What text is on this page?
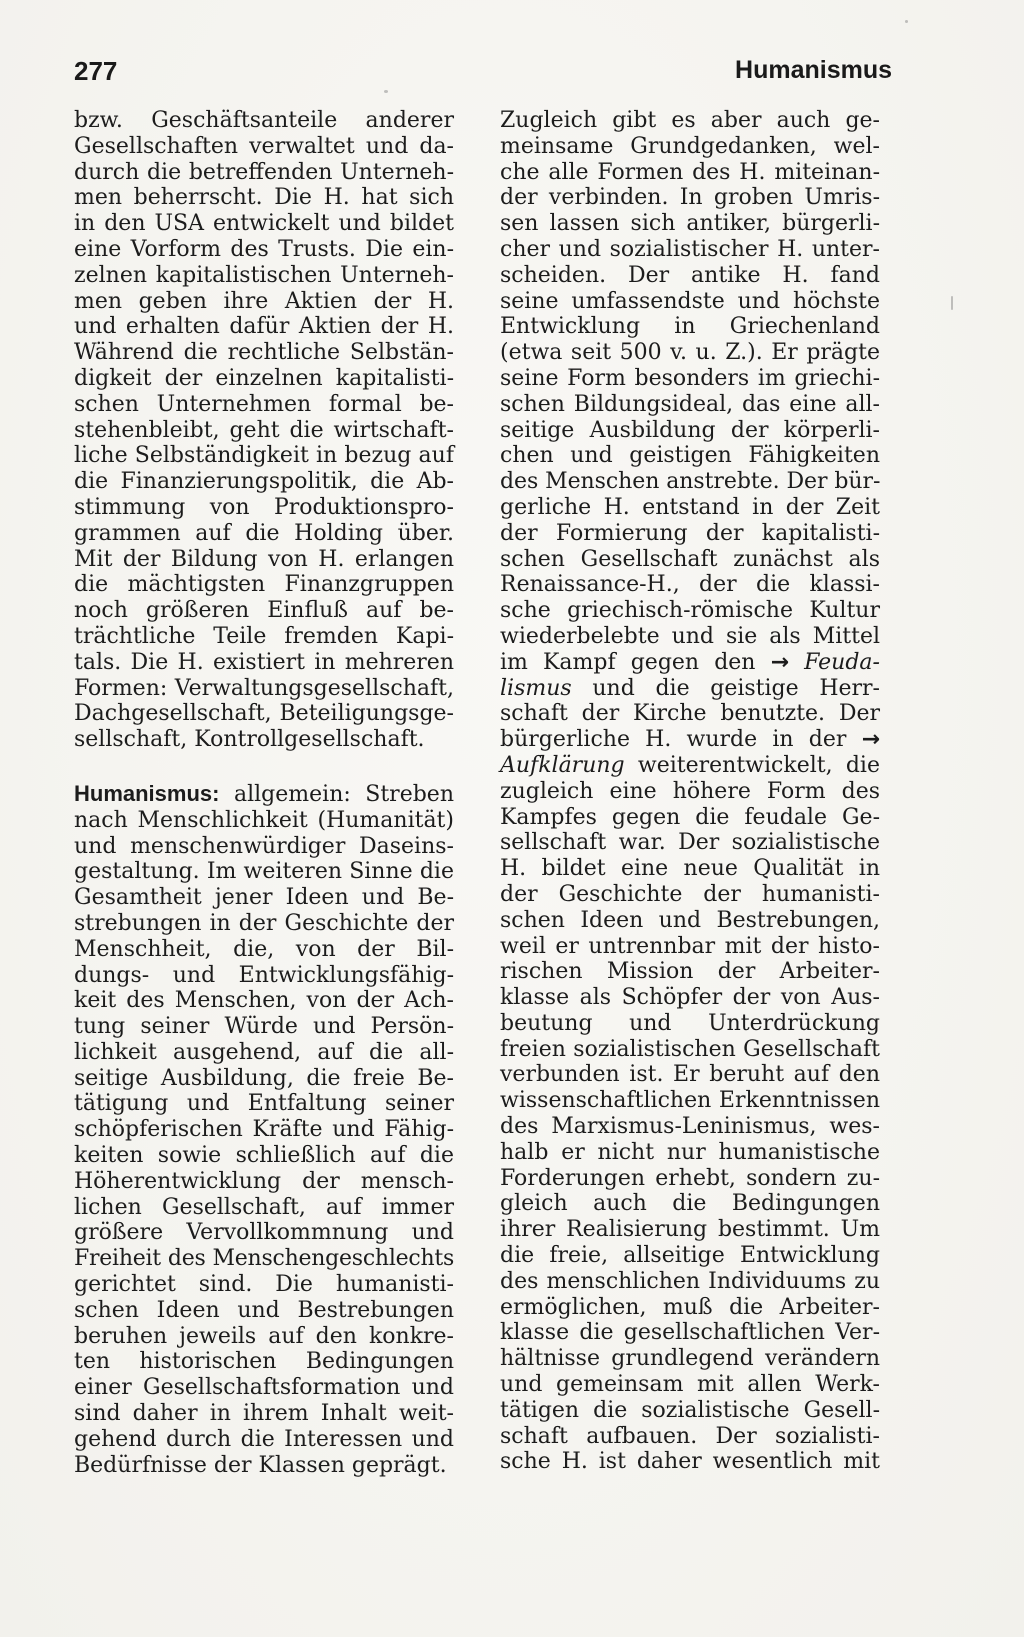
277	Humanismus
bzw. Geschäftsanteile anderer
Gesellschaften verwaltet und da-
durch die betreffenden Unterneh-
men beherrscht. Die H. hat sich
in den USA entwickelt und bildet
eine Vorform des Trusts. Die ein-
zelnen kapitalistischen Unterneh-
men geben ihre Aktien der H.
und erhalten dafür Aktien der H.
Während die rechtliche Selbstän-
digkeit der einzelnen kapitalisti-
schen Unternehmen formal be-
stehenbleibt, geht die wirtschaft-
liche Selbständigkeit in bezug auf
die Finanzierungspolitik, die Ab-
stimmung von Produktionspro-
grammen auf die Holding über.
Mit der Bildung von H. erlangen
die mächtigsten Finanzgruppen
noch größeren Einfluß auf be-
trächtliche Teile fremden Kapi-
tals. Die H. existiert in mehreren
Formen: Verwaltungsgesellschaft,
Dachgesellschaft, Beteiligungsge-
sellschaft, Kontrollgesellschaft.
Humanismus: allgemein: Streben
nach Menschlichkeit (Humanität)
und menschenwürdiger Daseins-
gestaltung. Im weiteren Sinne die
Gesamtheit jener Ideen und Be-
strebungen in der Geschichte der
Menschheit, die, von der Bil-
dungs- und Entwicklungsfähig-
keit des Menschen, von der Ach-
tung seiner Würde und Persön-
lichkeit ausgehend, auf die all-
seitige Ausbildung, die freie Be-
tätigung und Entfaltung seiner
schöpferischen Kräfte und Fähig-
keiten sowie schließlich auf die
Höherentwicklung der mensch-
lichen Gesellschaft, auf immer
größere Vervollkommnung und
Freiheit des Menschengeschlechts
gerichtet sind. Die humanisti-
schen Ideen und Bestrebungen
beruhen jeweils auf den konkre-
ten historischen Bedingungen
einer Gesellschaftsformation und
sind daher in ihrem Inhalt weit-
gehend durch die Interessen und
Bedürfnisse der Klassen geprägt.
Zugleich gibt es aber auch ge-
meinsame Grundgedanken, wel-
che alle Formen des H. miteinan-
der verbinden. In groben Umris-
sen lassen sich antiker, bürgerli-
cher und sozialistischer H. unter-
scheiden. Der antike H. fand
seine umfassendste und höchste
Entwicklung in Griechenland
(etwa seit 500 v. u. Z.). Er prägte
seine Form besonders im griechi-
schen Bildungsideal, das eine all-
seitige Ausbildung der körperli-
chen und geistigen Fähigkeiten
des Menschen anstrebte. Der bür-
gerliche H. entstand in der Zeit
der Formierung der kapitalisti-
schen Gesellschaft zunächst als
Renaissance-H., der die klassi-
sche griechisch-römische Kultur
wiederbelebte und sie als Mittel
im Kampf gegen den → Feuda-
lismus und die geistige Herr-
schaft der Kirche benutzte. Der
bürgerliche H. wurde in der →
Aufklärung weiterentwickelt, die
zugleich eine höhere Form des
Kampfes gegen die feudale Ge-
sellschaft war. Der sozialistische
H. bildet eine neue Qualität in
der Geschichte der humanisti-
schen Ideen und Bestrebungen,
weil er untrennbar mit der histo-
rischen Mission der Arbeiter-
klasse als Schöpfer der von Aus-
beutung und Unterdrückung
freien sozialistischen Gesellschaft
verbunden ist. Er beruht auf den
wissenschaftlichen Erkenntnissen
des Marxismus-Leninismus, wes-
halb er nicht nur humanistische
Forderungen erhebt, sondern zu-
gleich auch die Bedingungen
ihrer Realisierung bestimmt. Um
die freie, allseitige Entwicklung
des menschlichen Individuums zu
ermöglichen, muß die Arbeiter-
klasse die gesellschaftlichen Ver-
hältnisse grundlegend verändern
und gemeinsam mit allen Werk-
tätigen die sozialistische Gesell-
schaft aufbauen. Der sozialisti-
sche H. ist daher wesentlich mit
